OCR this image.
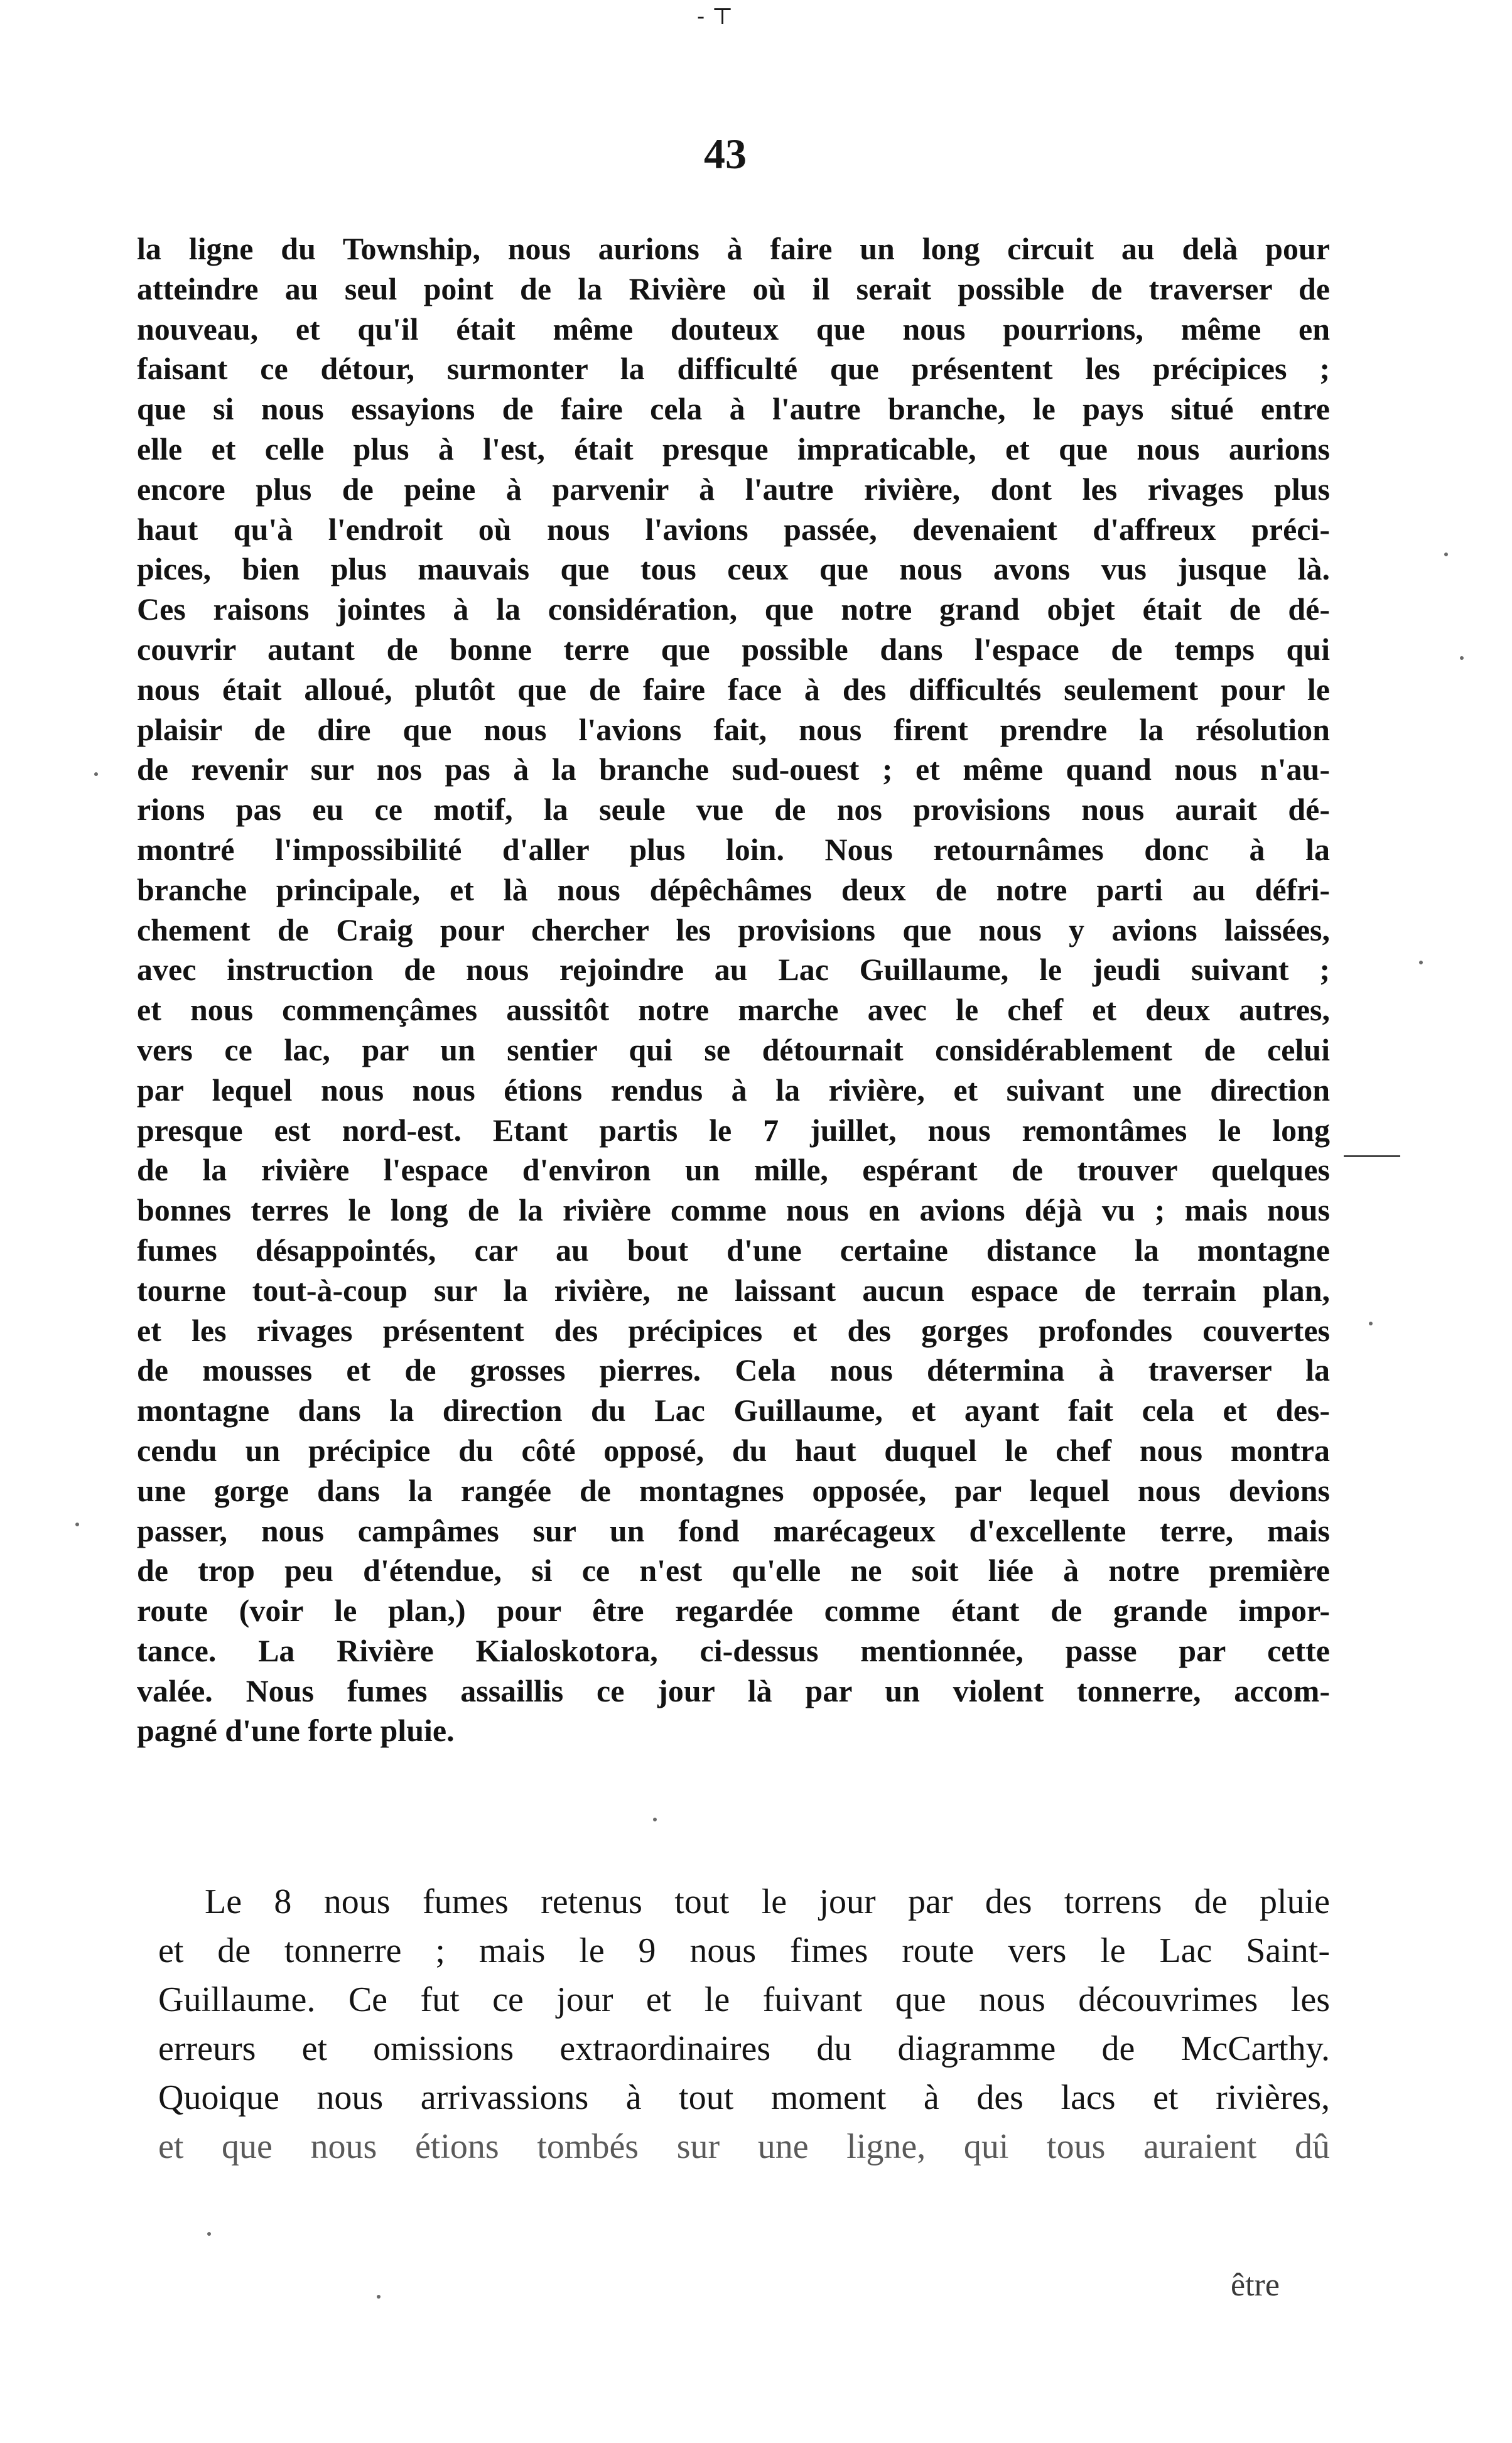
- ⊤
43

la ligne du Township, nous aurions à faire un long circuit au delà pour
atteindre au seul point de la Rivière où il serait possible de traverser de
nouveau, et qu'il était même douteux que nous pourrions, même en
faisant ce détour, surmonter la difficulté que présentent les précipices ;
que si nous essayions de faire cela à l'autre branche, le pays situé entre
elle et celle plus à l'est, était presque impraticable, et que nous aurions
encore plus de peine à parvenir à l'autre rivière, dont les rivages plus
haut qu'à l'endroit où nous l'avions passée, devenaient d'affreux préci-
pices, bien plus mauvais que tous ceux que nous avons vus jusque là.
Ces raisons jointes à la considération, que notre grand objet était de dé-
couvrir autant de bonne terre que possible dans l'espace de temps qui
nous était alloué, plutôt que de faire face à des difficultés seulement pour le
plaisir de dire que nous l'avions fait, nous firent prendre la résolution
de revenir sur nos pas à la branche sud-ouest ; et même quand nous n'au-
rions pas eu ce motif, la seule vue de nos provisions nous aurait dé-
montré l'impossibilité d'aller plus loin. Nous retournâmes donc à la
branche principale, et là nous dépêchâmes deux de notre parti au défri-
chement de Craig pour chercher les provisions que nous y avions laissées,
avec instruction de nous rejoindre au Lac Guillaume, le jeudi suivant ;
et nous commençâmes aussitôt notre marche avec le chef et deux autres,
vers ce lac, par un sentier qui se détournait considérablement de celui
par lequel nous nous étions rendus à la rivière, et suivant une direction
presque est nord-est. Etant partis le 7 juillet, nous remontâmes le long
de la rivière l'espace d'environ un mille, espérant de trouver quelques
bonnes terres le long de la rivière comme nous en avions déjà vu ; mais nous
fumes désappointés, car au bout d'une certaine distance la montagne
tourne tout-à-coup sur la rivière, ne laissant aucun espace de terrain plan,
et les rivages présentent des précipices et des gorges profondes couvertes
de mousses et de grosses pierres. Cela nous détermina à traverser la
montagne dans la direction du Lac Guillaume, et ayant fait cela et des-
cendu un précipice du côté opposé, du haut duquel le chef nous montra
une gorge dans la rangée de montagnes opposée, par lequel nous devions
passer, nous campâmes sur un fond marécageux d'excellente terre, mais
de trop peu d'étendue, si ce n'est qu'elle ne soit liée à notre première
route (voir le plan,) pour être regardée comme étant de grande impor-
tance. La Rivière Kialoskotora, ci-dessus mentionnée, passe par cette
valée. Nous fumes assaillis ce jour là par un violent tonnerre, accom-
pagné d'une forte pluie.

Le 8 nous fumes retenus tout le jour par des torrens de pluie
et de tonnerre ; mais le 9 nous fimes route vers le Lac Saint-
Guillaume. Ce fut ce jour et le fuivant que nous découvrimes les
erreurs et omissions extraordinaires du diagramme de McCarthy.
Quoique nous arrivassions à tout moment à des lacs et rivières,
et que nous étions tombés sur une ligne, qui tous auraient dû

être
